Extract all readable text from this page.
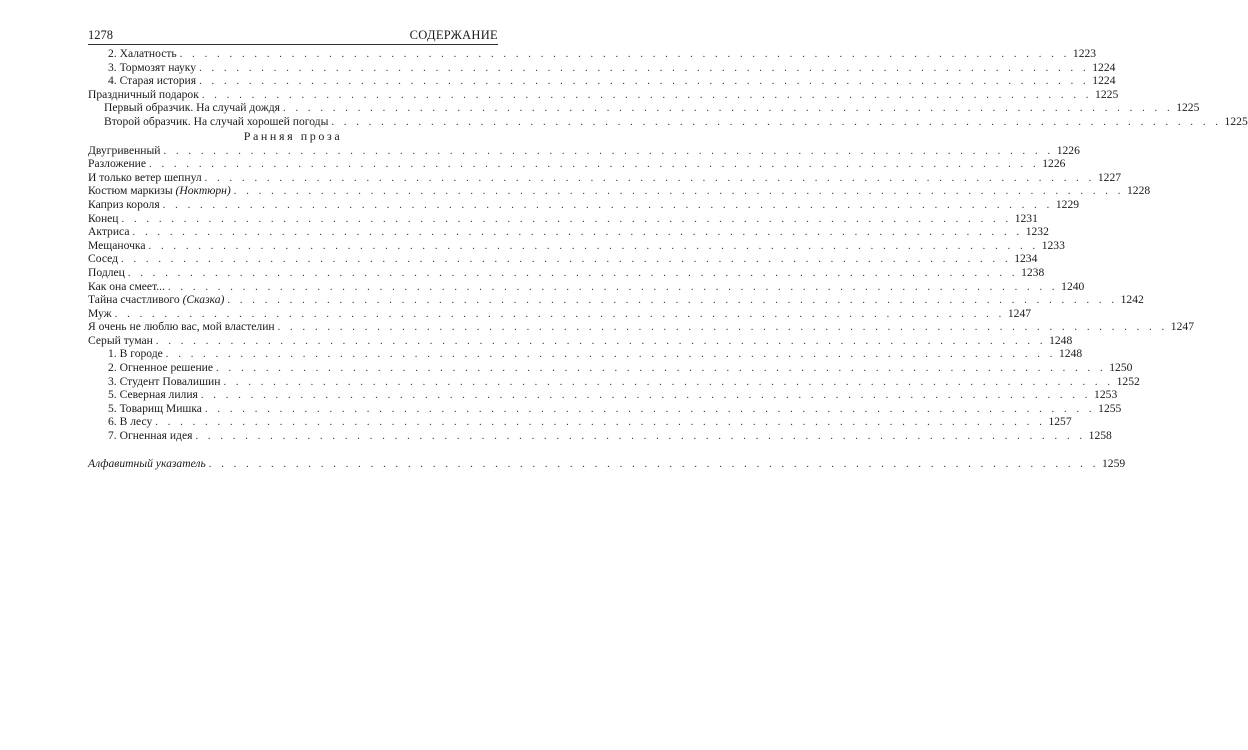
1278	СОДЕРЖАНИЕ
2. Халатность . . . . . . . . . . . . . . . . . . . . . . . . . . . . . . . . . . . . . . . . . . . . . . . . . . . . . . . . . . . . . . . . . . . . . . . . 1223
3. Тормозят науку . . . . . . . . . . . . . . . . . . . . . . . . . . . . . . . . . . . . . . . . . . . . . . . . . . . . . . . . . . . . . . . . . . . . . . . . 1224
4. Старая история . . . . . . . . . . . . . . . . . . . . . . . . . . . . . . . . . . . . . . . . . . . . . . . . . . . . . . . . . . . . . . . . . . . . . . . . 1224
Праздничный подарок . . . . . . . . . . . . . . . . . . . . . . . . . . . . . . . . . . . . . . . . . . . . . . . . . . . . . . . . . . . . . . . . . . . . . . . . 1225
Первый образчик. На случай дождя . . . . . . . . . . . . . . . . . . . . . . . . . . . . . . . . . . . . . . . . . . . . . . . . . . . . . . . . . . . . . . . . . . . . . . . . 1225
Второй образчик. На случай хорошей погоды . . . . . . . . . . . . . . . . . . . . . . . . . . . . . . . . . . . . . . . . . . . . . . . . . . . . . . . . . . . . . . . . . . . . . . . . 1225
Ранняя проза
Двугривенный . . . . . . . . . . . . . . . . . . . . . . . . . . . . . . . . . . . . . . . . . . . . . . . . . . . . . . . . . . . . . . . . . . . . . . . . 1226
Разложение . . . . . . . . . . . . . . . . . . . . . . . . . . . . . . . . . . . . . . . . . . . . . . . . . . . . . . . . . . . . . . . . . . . . . . . . 1226
И только ветер шепнул . . . . . . . . . . . . . . . . . . . . . . . . . . . . . . . . . . . . . . . . . . . . . . . . . . . . . . . . . . . . . . . . . . . . . . . . 1227
Костюм маркизы (Ноктюрн) . . . . . . . . . . . . . . . . . . . . . . . . . . . . . . . . . . . . . . . . . . . . . . . . . . . . . . . . . . . . . . . . . . . . . . . . 1228
Каприз короля . . . . . . . . . . . . . . . . . . . . . . . . . . . . . . . . . . . . . . . . . . . . . . . . . . . . . . . . . . . . . . . . . . . . . . . . 1229
Конец . . . . . . . . . . . . . . . . . . . . . . . . . . . . . . . . . . . . . . . . . . . . . . . . . . . . . . . . . . . . . . . . . . . . . . . . 1231
Актриса . . . . . . . . . . . . . . . . . . . . . . . . . . . . . . . . . . . . . . . . . . . . . . . . . . . . . . . . . . . . . . . . . . . . . . . . 1232
Мещаночка . . . . . . . . . . . . . . . . . . . . . . . . . . . . . . . . . . . . . . . . . . . . . . . . . . . . . . . . . . . . . . . . . . . . . . . . 1233
Сосед . . . . . . . . . . . . . . . . . . . . . . . . . . . . . . . . . . . . . . . . . . . . . . . . . . . . . . . . . . . . . . . . . . . . . . . . 1234
Подлец . . . . . . . . . . . . . . . . . . . . . . . . . . . . . . . . . . . . . . . . . . . . . . . . . . . . . . . . . . . . . . . . . . . . . . . . 1238
Как она смеет... . . . . . . . . . . . . . . . . . . . . . . . . . . . . . . . . . . . . . . . . . . . . . . . . . . . . . . . . . . . . . . . . . . . . . . . . 1240
Тайна счастливого (Сказка) . . . . . . . . . . . . . . . . . . . . . . . . . . . . . . . . . . . . . . . . . . . . . . . . . . . . . . . . . . . . . . . . . . . . . . . . 1242
Муж . . . . . . . . . . . . . . . . . . . . . . . . . . . . . . . . . . . . . . . . . . . . . . . . . . . . . . . . . . . . . . . . . . . . . . . . 1247
Я очень не люблю вас, мой властелин . . . . . . . . . . . . . . . . . . . . . . . . . . . . . . . . . . . . . . . . . . . . . . . . . . . . . . . . . . . . . . . . . . . . . . . . 1247
Серый туман . . . . . . . . . . . . . . . . . . . . . . . . . . . . . . . . . . . . . . . . . . . . . . . . . . . . . . . . . . . . . . . . . . . . . . . . 1248
1. В городе . . . . . . . . . . . . . . . . . . . . . . . . . . . . . . . . . . . . . . . . . . . . . . . . . . . . . . . . . . . . . . . . . . . . . . . . 1248
2. Огненное решение . . . . . . . . . . . . . . . . . . . . . . . . . . . . . . . . . . . . . . . . . . . . . . . . . . . . . . . . . . . . . . . . . . . . . . . . 1250
3. Студент Повалишин . . . . . . . . . . . . . . . . . . . . . . . . . . . . . . . . . . . . . . . . . . . . . . . . . . . . . . . . . . . . . . . . . . . . . . . . 1252
5. Северная лилия . . . . . . . . . . . . . . . . . . . . . . . . . . . . . . . . . . . . . . . . . . . . . . . . . . . . . . . . . . . . . . . . . . . . . . . . 1253
5. Товарищ Мишка . . . . . . . . . . . . . . . . . . . . . . . . . . . . . . . . . . . . . . . . . . . . . . . . . . . . . . . . . . . . . . . . . . . . . . . . 1255
6. В лесу . . . . . . . . . . . . . . . . . . . . . . . . . . . . . . . . . . . . . . . . . . . . . . . . . . . . . . . . . . . . . . . . . . . . . . . . 1257
7. Огненная идея . . . . . . . . . . . . . . . . . . . . . . . . . . . . . . . . . . . . . . . . . . . . . . . . . . . . . . . . . . . . . . . . . . . . . . . . 1258
Алфавитный указатель . . . . . . . . . . . . . . . . . . . . . . . . . . . . . . . . . . . . . . . . . . . . . . . . . . . . . . . . . . . . . . . . . . . . . . . . 1259
